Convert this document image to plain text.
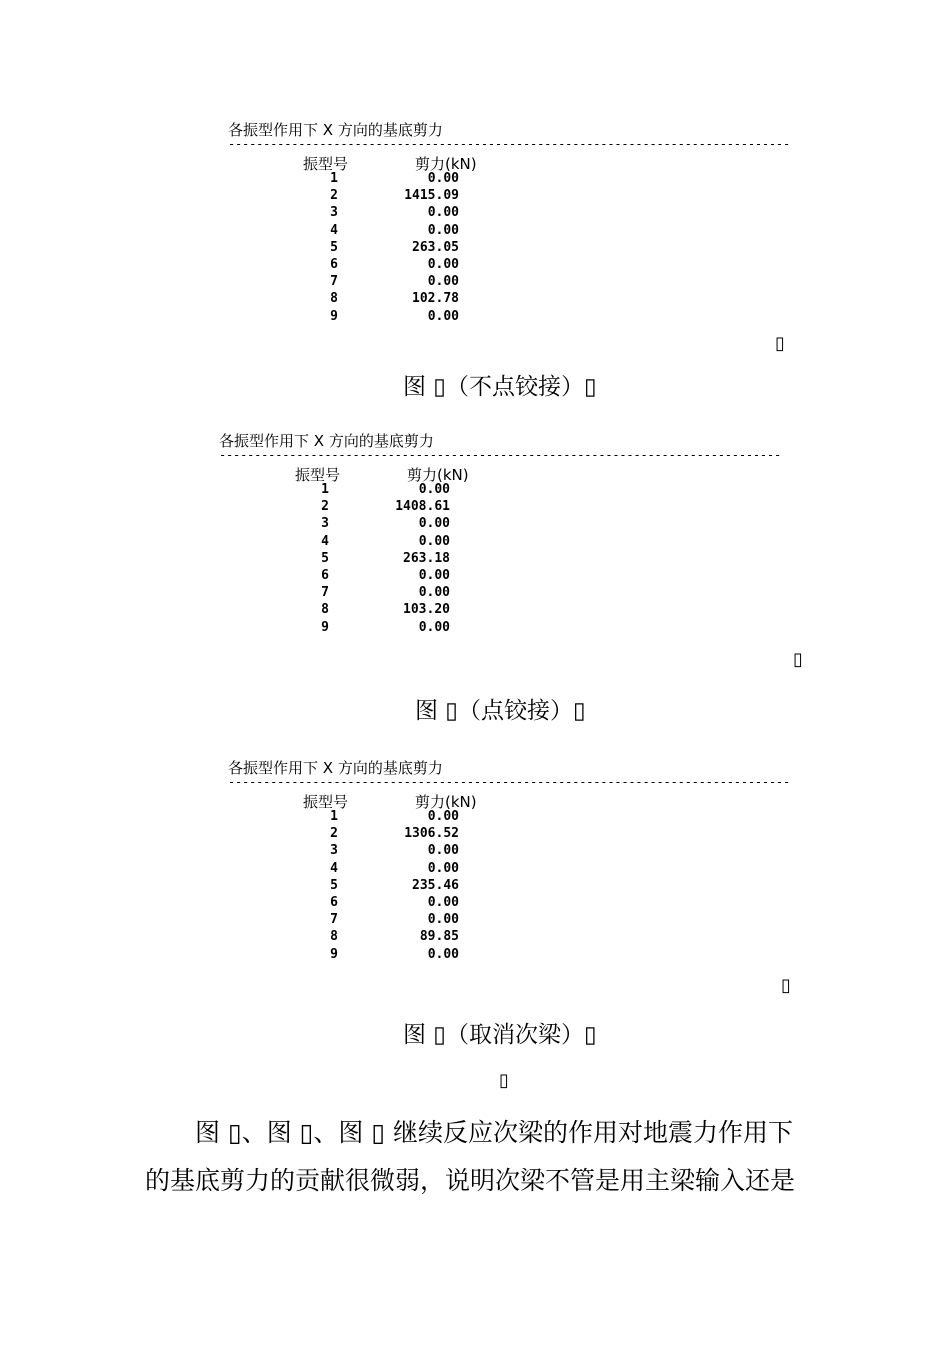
各振型作用下 X 方向的基底剪力
--------------------------------------------------------------------------------
振型号	剪力(kN)
1	0.00
2	1415.09
3	0.00
4	0.00
5	263.05
6	0.00
7	0.00
8	102.78
9	0.00
▯
图 ▯（不点铰接）▯
各振型作用下 X 方向的基底剪力
--------------------------------------------------------------------------------
振型号	剪力(kN)
1	0.00
2	1408.61
3	0.00
4	0.00
5	263.18
6	0.00
7	0.00
8	103.20
9	0.00
▯
图 ▯（点铰接）▯
各振型作用下 X 方向的基底剪力
--------------------------------------------------------------------------------
振型号	剪力(kN)
1	0.00
2	1306.52
3	0.00
4	0.00
5	235.46
6	0.00
7	0.00
8	89.85
9	0.00
▯
图 ▯（取消次梁）▯
▯
图 ▯、图 ▯、图 ▯ 继续反应次梁的作用对地震力作用下
的基底剪力的贡献很微弱，说明次梁不管是用主梁输入还是
